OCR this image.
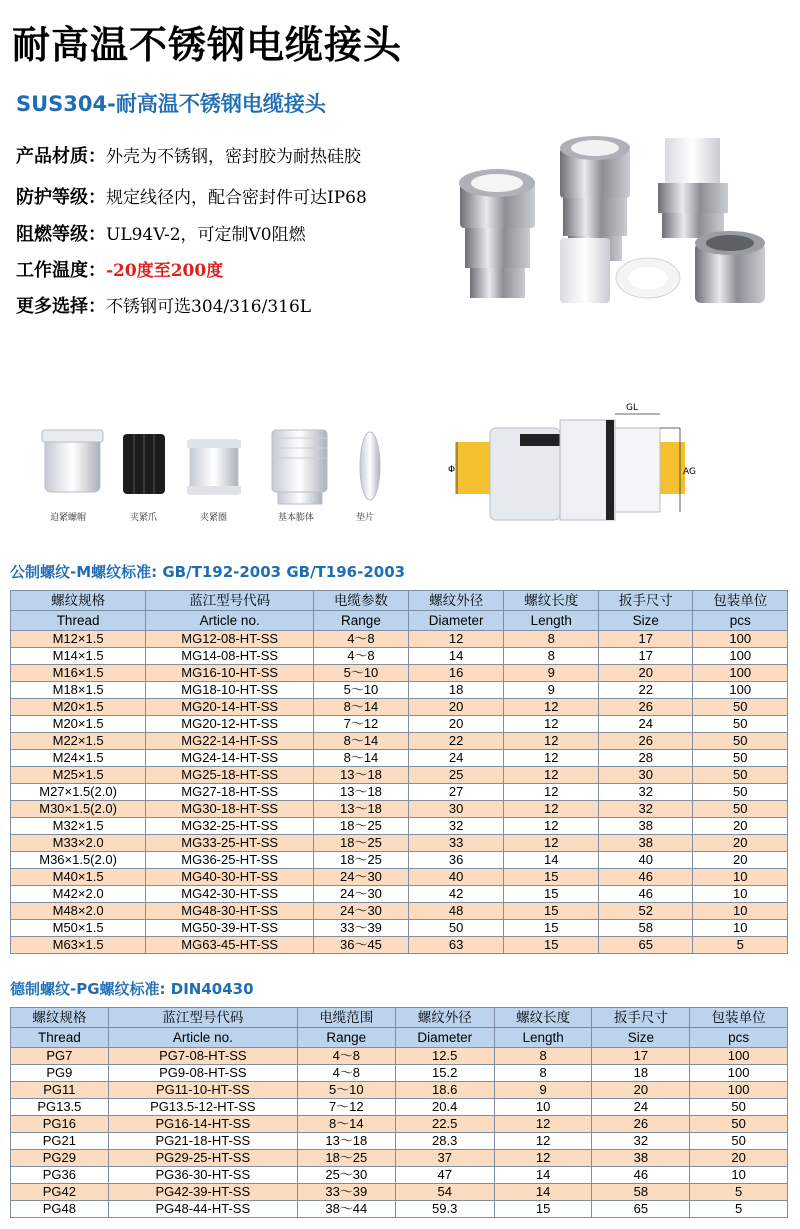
耐高温不锈钢电缆接头
SUS304-耐高温不锈钢电缆接头
产品材质：外壳为不锈钢，密封胶为耐热硅胶
防护等级：规定线径内，配合密封件可达IP68
阻燃等级：UL94V-2，可定制V0阻燃
工作温度：-20度至200度
更多选择：不锈钢可选304/316/316L
迫紧螺帽	夹紧爪	夹紧圈	基本膨体	垫片
GL
AG
Φ
公制螺纹-M螺纹标准: GB/T192-2003 GB/T196-2003
螺纹规格	蓝江型号代码	电缆参数	螺纹外径	螺纹长度	扳手尺寸	包装单位
Thread	Article no.	Range	Diameter	Length	Size	pcs
M12×1.5	MG12-08-HT-SS	4～8	12	8	17	100
M14×1.5	MG14-08-HT-SS	4～8	14	8	17	100
M16×1.5	MG16-10-HT-SS	5～10	16	9	20	100
M18×1.5	MG18-10-HT-SS	5～10	18	9	22	100
M20×1.5	MG20-14-HT-SS	8～14	20	12	26	50
M20×1.5	MG20-12-HT-SS	7～12	20	12	24	50
M22×1.5	MG22-14-HT-SS	8～14	22	12	26	50
M24×1.5	MG24-14-HT-SS	8～14	24	12	28	50
M25×1.5	MG25-18-HT-SS	13～18	25	12	30	50
M27×1.5(2.0)	MG27-18-HT-SS	13～18	27	12	32	50
M30×1.5(2.0)	MG30-18-HT-SS	13～18	30	12	32	50
M32×1.5	MG32-25-HT-SS	18～25	32	12	38	20
M33×2.0	MG33-25-HT-SS	18～25	33	12	38	20
M36×1.5(2.0)	MG36-25-HT-SS	18～25	36	14	40	20
M40×1.5	MG40-30-HT-SS	24～30	40	15	46	10
M42×2.0	MG42-30-HT-SS	24～30	42	15	46	10
M48×2.0	MG48-30-HT-SS	24～30	48	15	52	10
M50×1.5	MG50-39-HT-SS	33～39	50	15	58	10
M63×1.5	MG63-45-HT-SS	36～45	63	15	65	5
德制螺纹-PG螺纹标准: DIN40430
螺纹规格	蓝江型号代码	电缆范围	螺纹外径	螺纹长度	扳手尺寸	包装单位
Thread	Article no.	Range	Diameter	Length	Size	pcs
PG7	PG7-08-HT-SS	4～8	12.5	8	17	100
PG9	PG9-08-HT-SS	4～8	15.2	8	18	100
PG11	PG11-10-HT-SS	5～10	18.6	9	20	100
PG13.5	PG13.5-12-HT-SS	7～12	20.4	10	24	50
PG16	PG16-14-HT-SS	8～14	22.5	12	26	50
PG21	PG21-18-HT-SS	13～18	28.3	12	32	50
PG29	PG29-25-HT-SS	18～25	37	12	38	20
PG36	PG36-30-HT-SS	25～30	47	14	46	10
PG42	PG42-39-HT-SS	33～39	54	14	58	5
PG48	PG48-44-HT-SS	38～44	59.3	15	65	5
